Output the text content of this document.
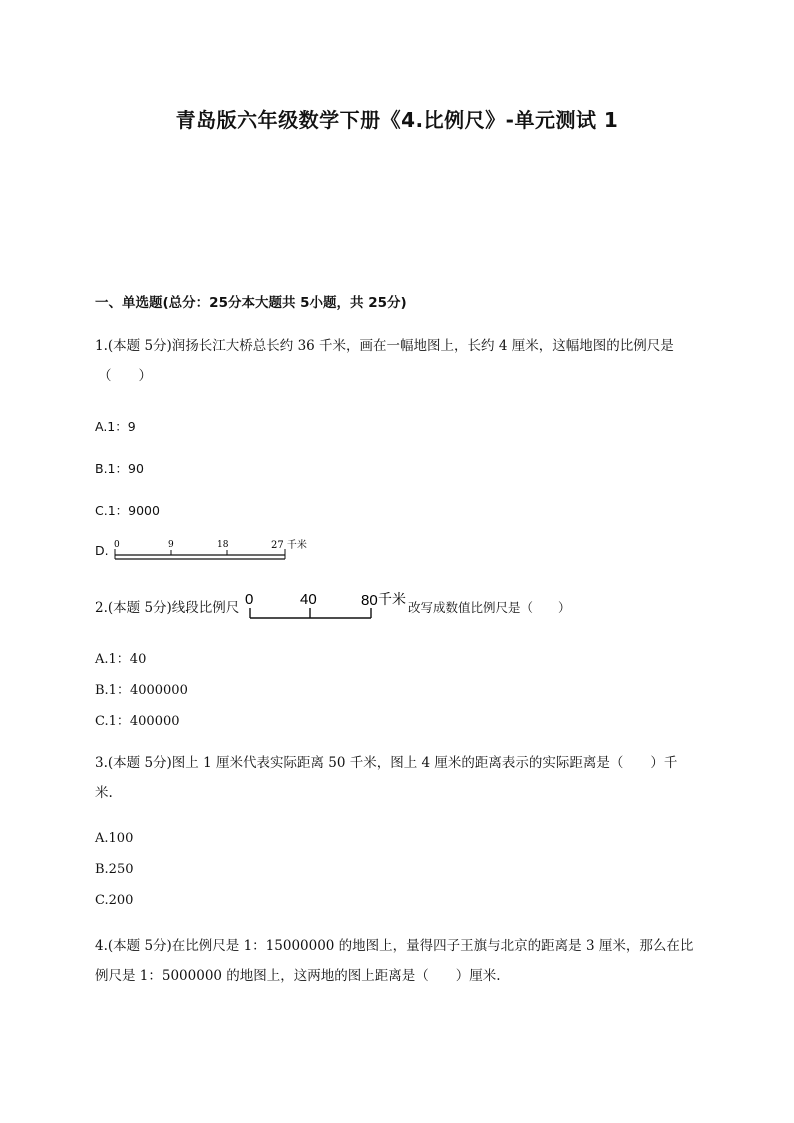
青岛版六年级数学下册《4.比例尺》-单元测试 1
一、单选题(总分：25分本大题共 5小题，共 25分)
1.(本题 5分)润扬长江大桥总长约 36 千米，画在一幅地图上，长约 4 厘米，这幅地图的比例尺是
（　　）
A.1：9
B.1：90
C.1：9000
D. 0	9	18	27 千米
2.(本题 5分)线段比例尺 0	40	80 千米 改写成数值比例尺是（　　）
A.1：40
B.1：4000000
C.1：400000
3.(本题 5分)图上 1 厘米代表实际距离 50 千米，图上 4 厘米的距离表示的实际距离是（　　）千
米.
A.100
B.250
C.200
4.(本题 5分)在比例尺是 1：15000000 的地图上，量得四子王旗与北京的距离是 3 厘米，那么在比
例尺是 1：5000000 的地图上，这两地的图上距离是（　　）厘米.
